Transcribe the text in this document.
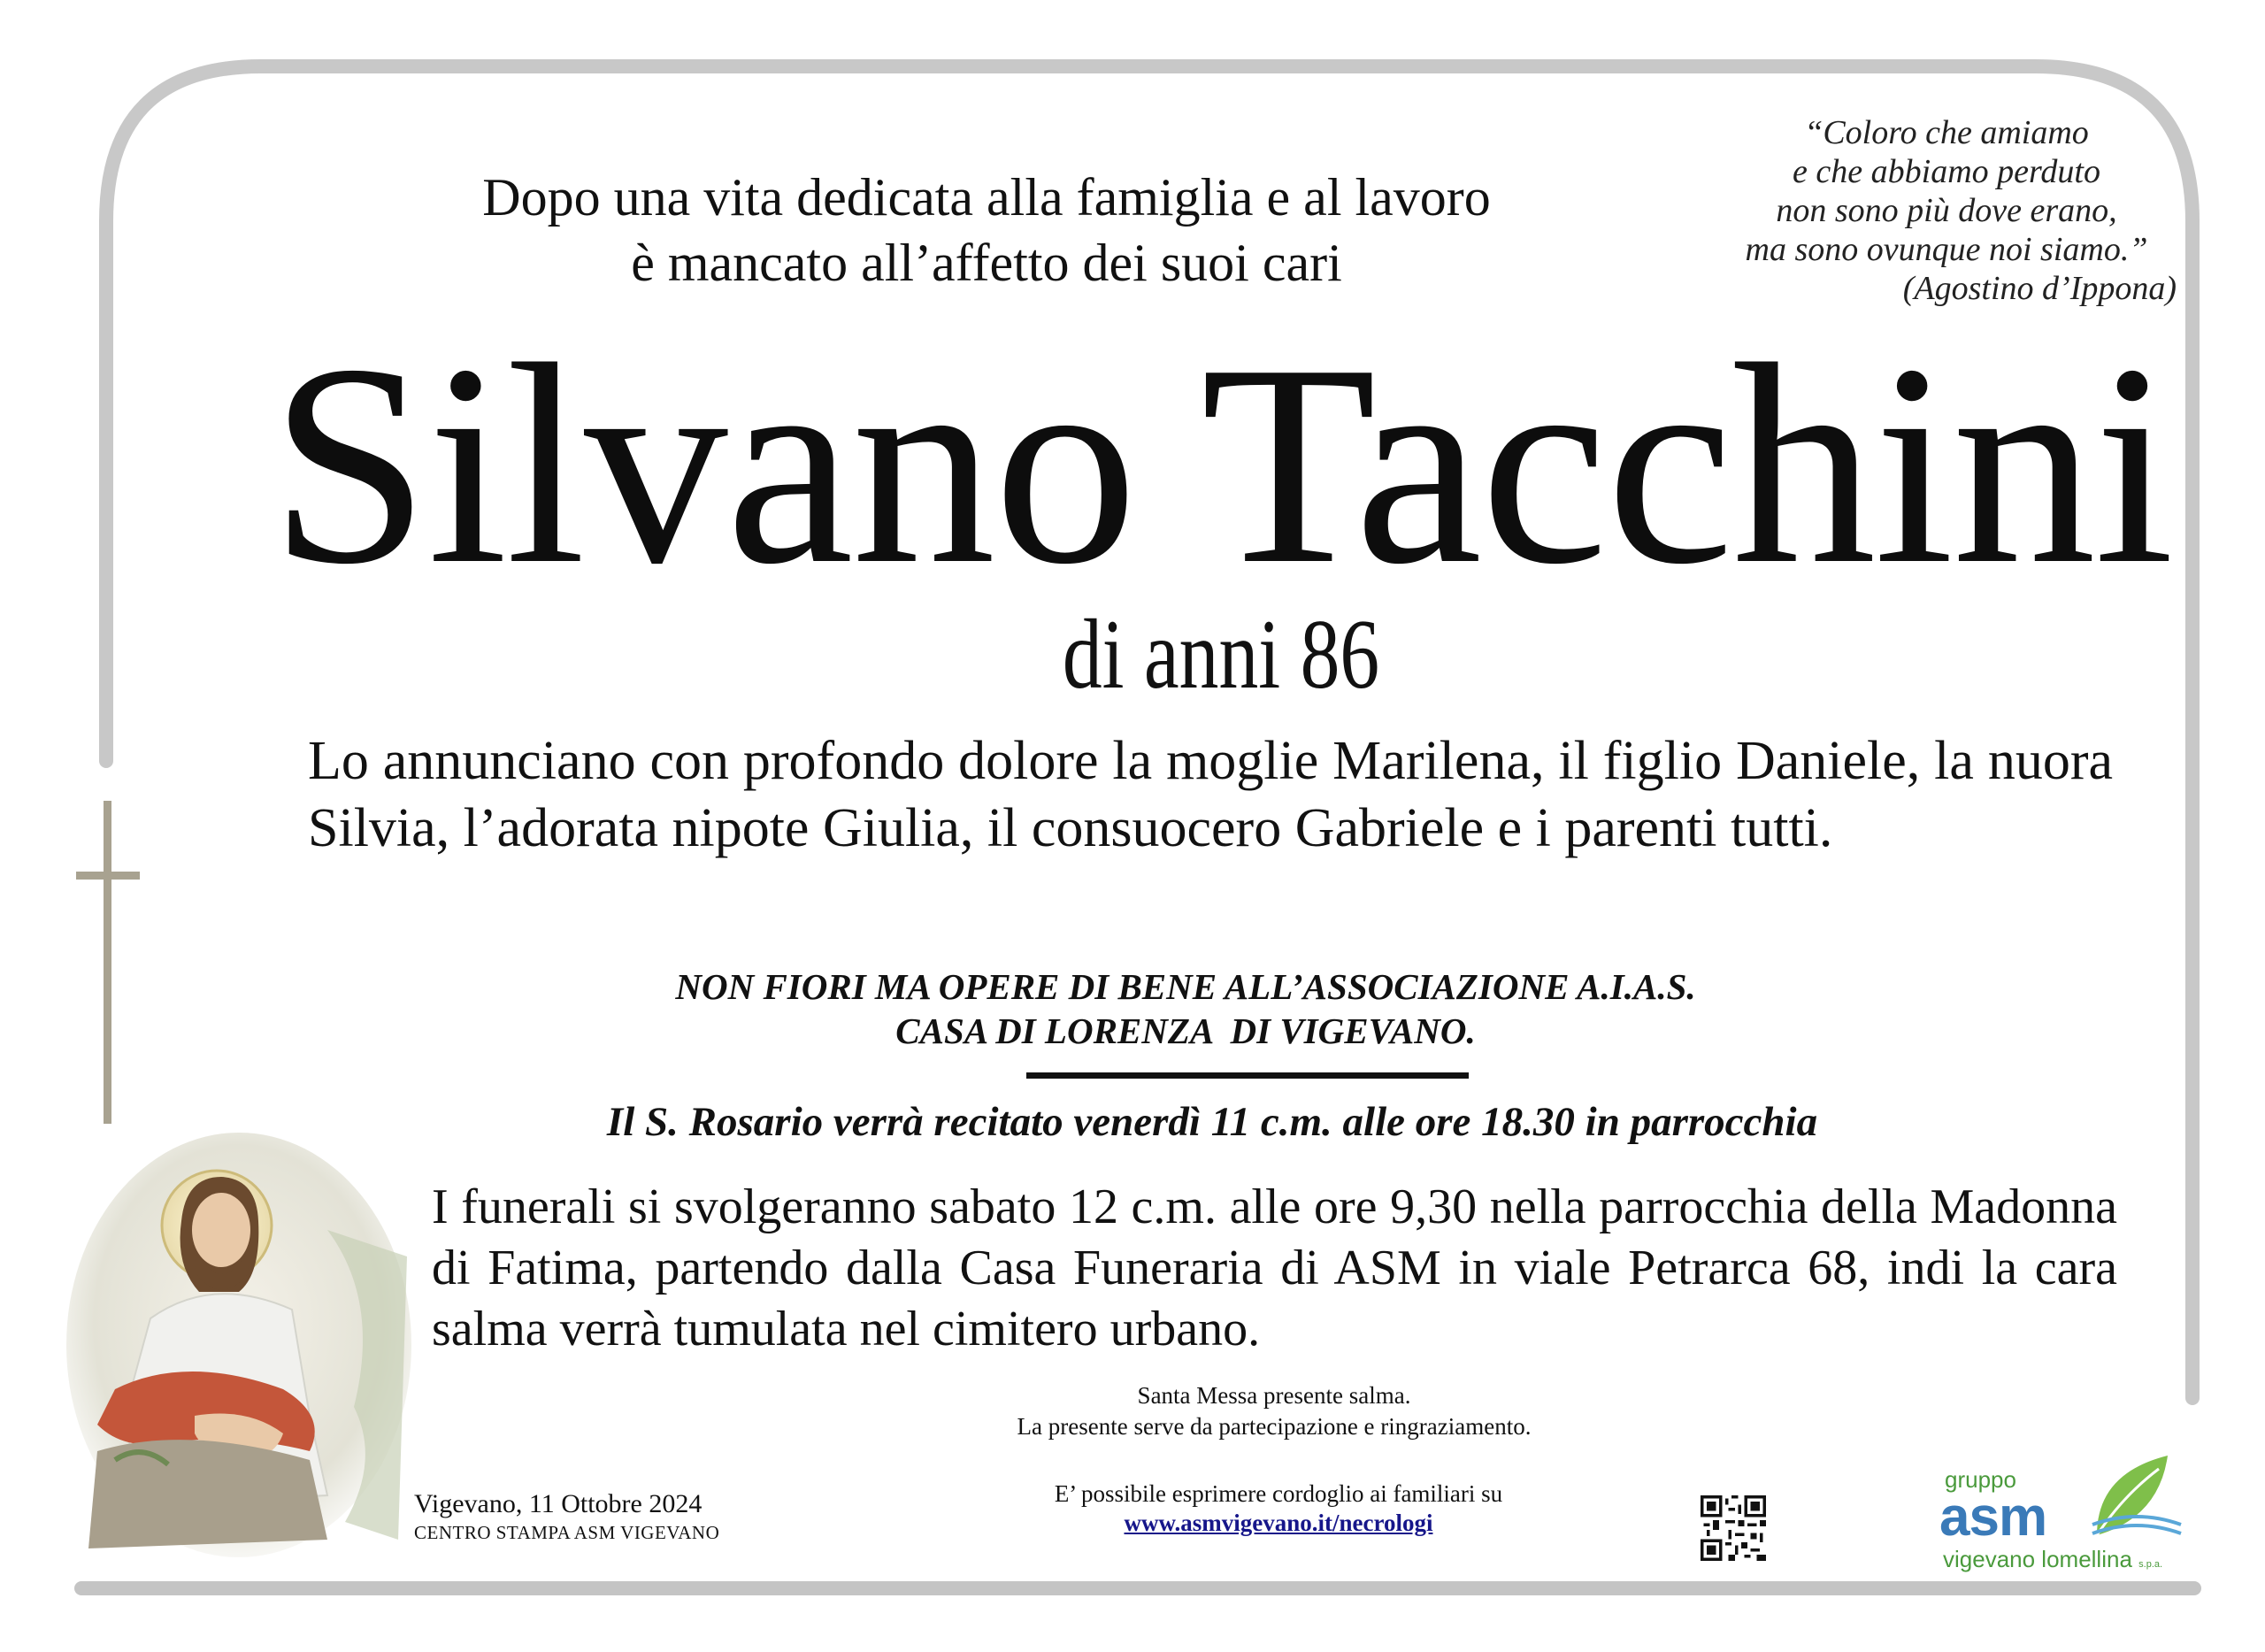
Dopo una vita dedicata alla famiglia e al lavoro
è mancato all’affetto dei suoi cari
“Coloro che amiamo
e che abbiamo perduto
non sono più dove erano,
ma sono ovunque noi siamo.”
(Agostino d’Ippona)
Silvano Tacchini
di anni 86
Lo annunciano con profondo dolore la moglie Marilena, il figlio Daniele, la nuora Silvia, l’adorata nipote Giulia, il consuocero Gabriele e i parenti tutti.
NON FIORI MA OPERE DI BENE ALL’ASSOCIAZIONE A.I.A.S.
CASA DI LORENZA  DI VIGEVANO.
Il S. Rosario verrà recitato venerdì 11 c.m. alle ore 18.30 in parrocchia
I funerali si svolgeranno sabato 12 c.m. alle ore 9,30 nella parrocchia della Madonna di Fatima, partendo dalla Casa Funeraria di ASM in viale Petrarca 68, indi la cara salma verrà tumulata nel cimitero urbano.
Santa Messa presente salma.
La presente serve da partecipazione e ringraziamento.
E’ possibile esprimere cordoglio ai familiari su
www.asmvigevano.it/necrologi
Vigevano, 11 Ottobre 2024
CENTRO STAMPA ASM VIGEVANO
gruppo
asm
vigevano lomellina s.p.a.
